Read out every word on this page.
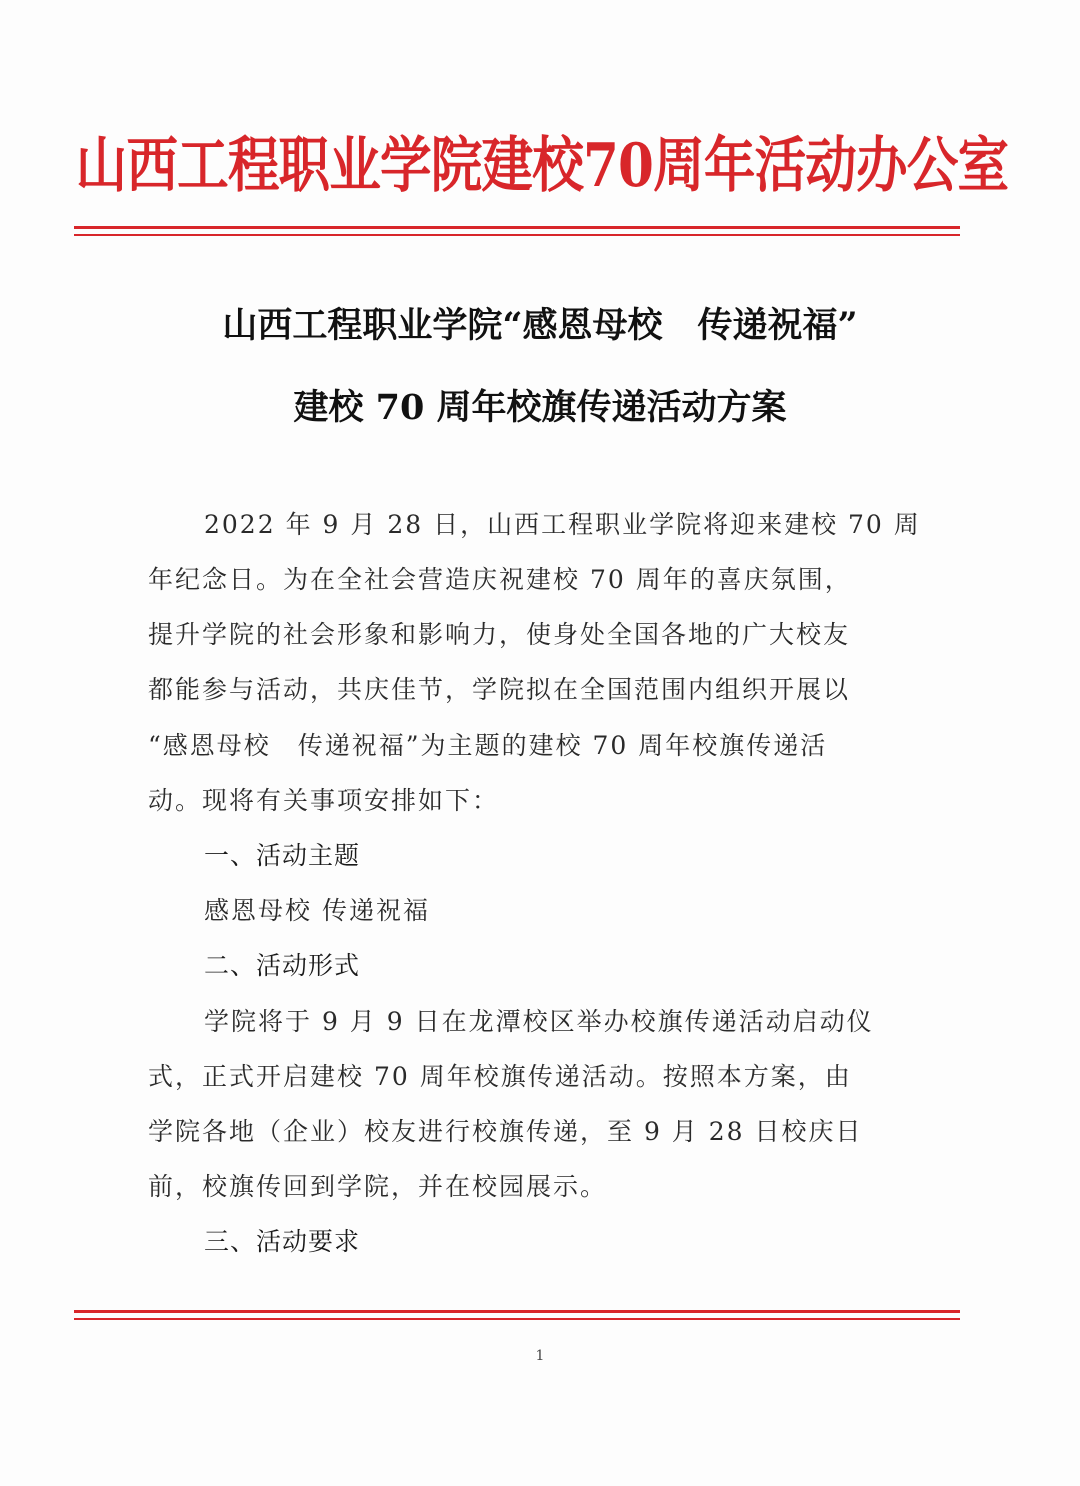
山西工程职业学院建校70周年活动办公室
山西工程职业学院“感恩母校　传递祝福”
建校 70 周年校旗传递活动方案
2022 年 9 月 28 日，山西工程职业学院将迎来建校 70 周
年纪念日。为在全社会营造庆祝建校 70 周年的喜庆氛围，
提升学院的社会形象和影响力，使身处全国各地的广大校友
都能参与活动，共庆佳节，学院拟在全国范围内组织开展以
“感恩母校　传递祝福”为主题的建校 70 周年校旗传递活
动。现将有关事项安排如下：
一、活动主题
感恩母校 传递祝福
二、活动形式
学院将于 9 月 9 日在龙潭校区举办校旗传递活动启动仪
式，正式开启建校 70 周年校旗传递活动。按照本方案，由
学院各地（企业）校友进行校旗传递，至 9 月 28 日校庆日
前，校旗传回到学院，并在校园展示。
三、活动要求
1
